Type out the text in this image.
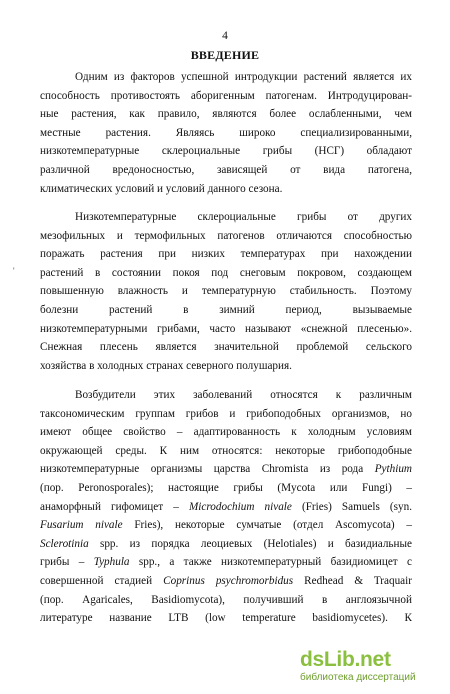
4
ВВЕДЕНИЕ
'
Одним из факторов успешной интродукции растений является их
способность противостоять аборигенным патогенам. Интродуцирован-
ные растения, как правило, являются более ослабленными, чем
местные растения. Являясь широко специализированными,
низкотемпературные склероциальные грибы (НСГ) обладают
различной вредоносностью, зависящей от вида патогена,
климатических условий и условий данного сезона.
Низкотемпературные склероциальные грибы от других
мезофильных и термофильных патогенов отличаются способностью
поражать растения при низких температурах при нахождении
растений в состоянии покоя под снеговым покровом, создающем
повышенную влажность и температурную стабильность. Поэтому
болезни растений в зимний период, вызываемые
низкотемпературными грибами, часто называют «снежной плесенью».
Снежная плесень является значительной проблемой сельского
хозяйства в холодных странах северного полушария.
Возбудители этих заболеваний относятся к различным
таксономическим группам грибов и грибоподобных организмов, но
имеют общее свойство – адаптированность к холодным условиям
окружающей среды. К ним относятся: некоторые грибоподобные
низкотемпературные организмы царства Chromista из рода Pythium
(пор. Peronosporales); настоящие грибы (Mycota или Fungi) –
анаморфный гифомицет – Microdochium nivale (Fries) Samuels (syn.
Fusarium nivale Fries), некоторые сумчатые (отдел Ascomycota) –
Sclerotinia spp. из порядка леоциевых (Helotiales) и базидиальные
грибы – Typhula spp., а также низкотемпературный базидиомицет с
совершенной стадией Coprinus psychromorbidus Redhead & Traquair
(пор. Agaricales, Basidiomycota), получивший в англоязычной
литературе название LTB (low temperature basidiomycetes). К
dsLib.net
библиотека диссертаций
